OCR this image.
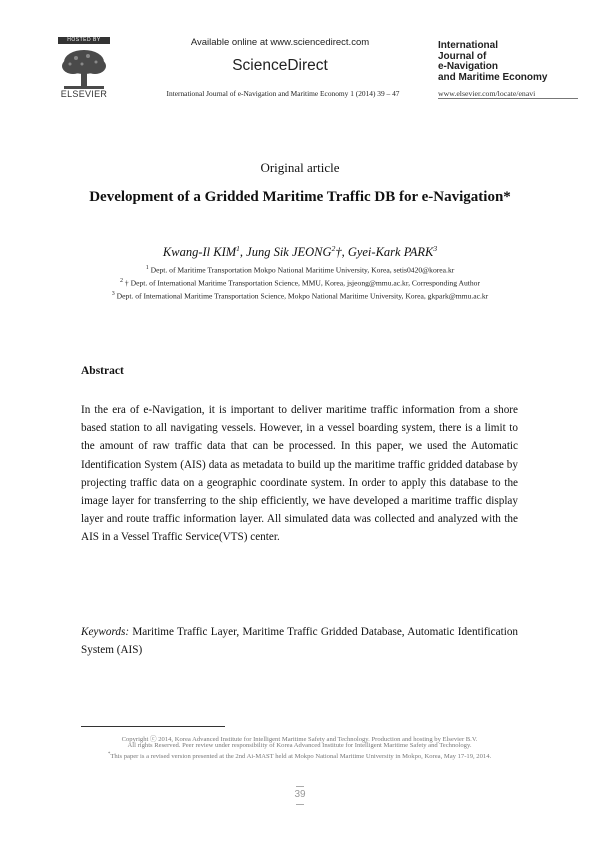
HOSTED BY
ELSEVIER
Available online at www.sciencedirect.com
ScienceDirect
International Journal of e-Navigation and Maritime Economy 1 (2014) 39 – 47
International
Journal of
e-Navigation
and Maritime Economy
www.elsevier.com/locate/enavi
Original article
Development of a Gridded Maritime Traffic DB for e-Navigation*
Kwang-Il KIM$^1$, Jung Sik JEONG$^2$†, Gyei-Kark PARK$^3$
$^1$ Dept. of Maritime Transportation Mokpo National Maritime University, Korea, setis0420@korea.kr
$^2$ † Dept. of International Maritime Transportation Science, MMU, Korea, jsjeong@mmu.ac.kr, Corresponding Author
$^3$ Dept. of International Maritime Transportation Science, Mokpo National Maritime University, Korea, gkpark@mmu.ac.kr
Abstract
In the era of e-Navigation, it is important to deliver maritime traffic information from a shore based station to all navigating vessels. However, in a vessel boarding system, there is a limit to the amount of raw traffic data that can be processed. In this paper, we used the Automatic Identification System (AIS) data as metadata to build up the maritime traffic gridded database by projecting traffic data on a geographic coordinate system. In order to apply this database to the image layer for transferring to the ship efficiently, we have developed a maritime traffic display layer and route traffic information layer. All simulated data was collected and analyzed with the AIS in a Vessel Traffic Service(VTS) center.
Keywords: Maritime Traffic Layer, Maritime Traffic Gridded Database, Automatic Identification System (AIS)
Copyright ⓒ 2014, Korea Advanced Institute for Intelligent Maritime Safety and Technology. Production and hosting by Elsevier B.V.
All rights Reserved. Peer review under responsibility of Korea Advanced Institute for Intelligent Maritime Safety and Technology.
*This paper is a revised version presented at the 2nd Ai-MAST held at Mokpo National Maritime University in Mokpo, Korea, May 17-19, 2014.
39
